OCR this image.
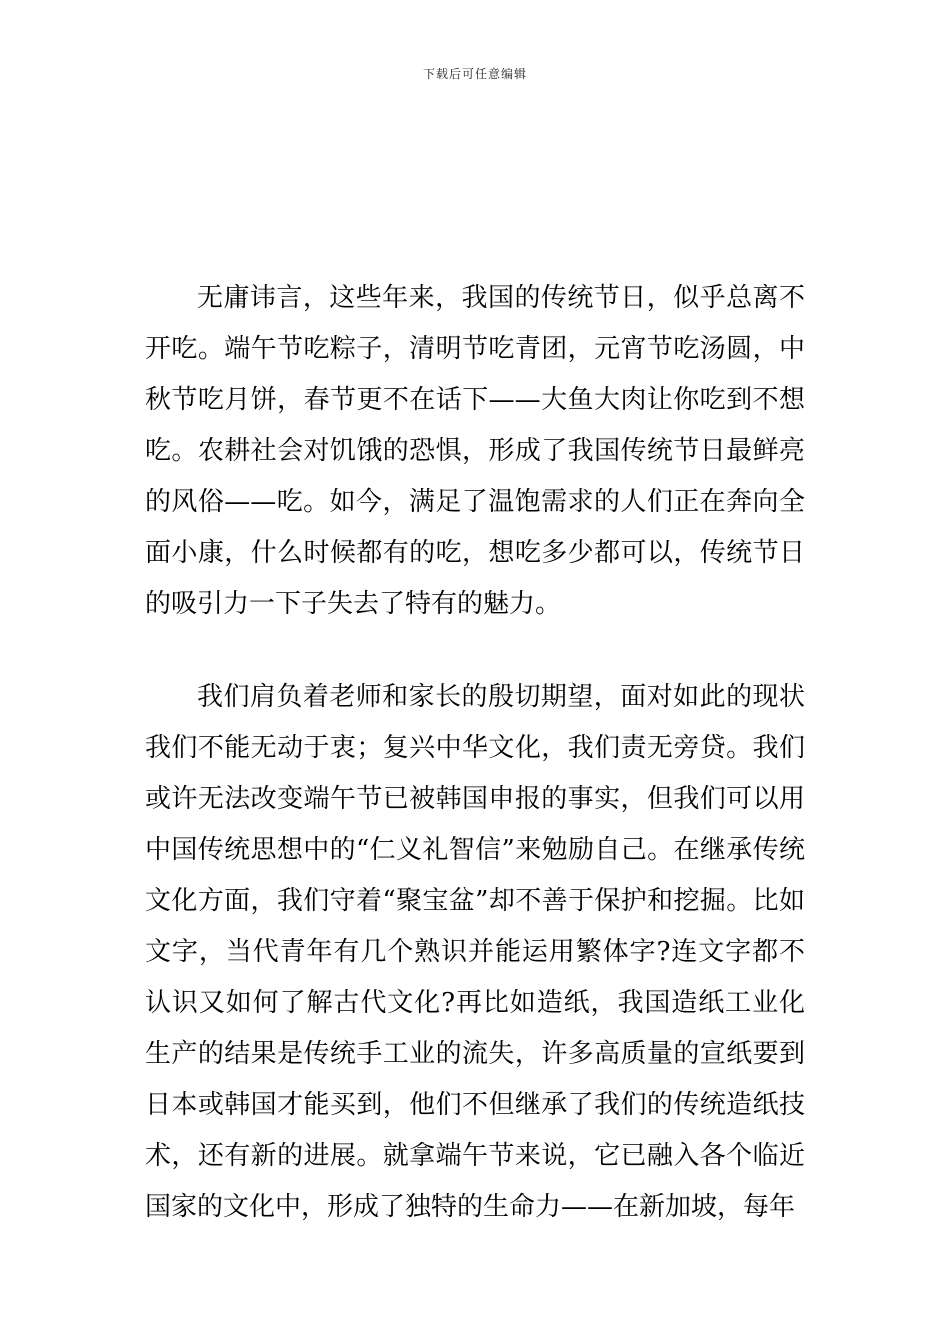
下载后可任意编辑

无庸讳言，这些年来，我国的传统节日，似乎总离不开吃。端午节吃粽子，清明节吃青团，元宵节吃汤圆，中秋节吃月饼，春节更不在话下——大鱼大肉让你吃到不想吃。农耕社会对饥饿的恐惧，形成了我国传统节日最鲜亮的风俗——吃。如今，满足了温饱需求的人们正在奔向全面小康，什么时候都有的吃，想吃多少都可以，传统节日的吸引力一下子失去了特有的魅力。

我们肩负着老师和家长的殷切期望，面对如此的现状我们不能无动于衷；复兴中华文化，我们责无旁贷。我们或许无法改变端午节已被韩国申报的事实，但我们可以用中国传统思想中的“仁义礼智信”来勉励自己。在继承传统文化方面，我们守着“聚宝盆”却不善于保护和挖掘。比如文字，当代青年有几个熟识并能运用繁体字?连文字都不认识又如何了解古代文化?再比如造纸，我国造纸工业化生产的结果是传统手工业的流失，许多高质量的宣纸要到日本或韩国才能买到，他们不但继承了我们的传统造纸技术，还有新的进展。就拿端午节来说，它已融入各个临近国家的文化中，形成了独特的生命力——在新加坡，每年
